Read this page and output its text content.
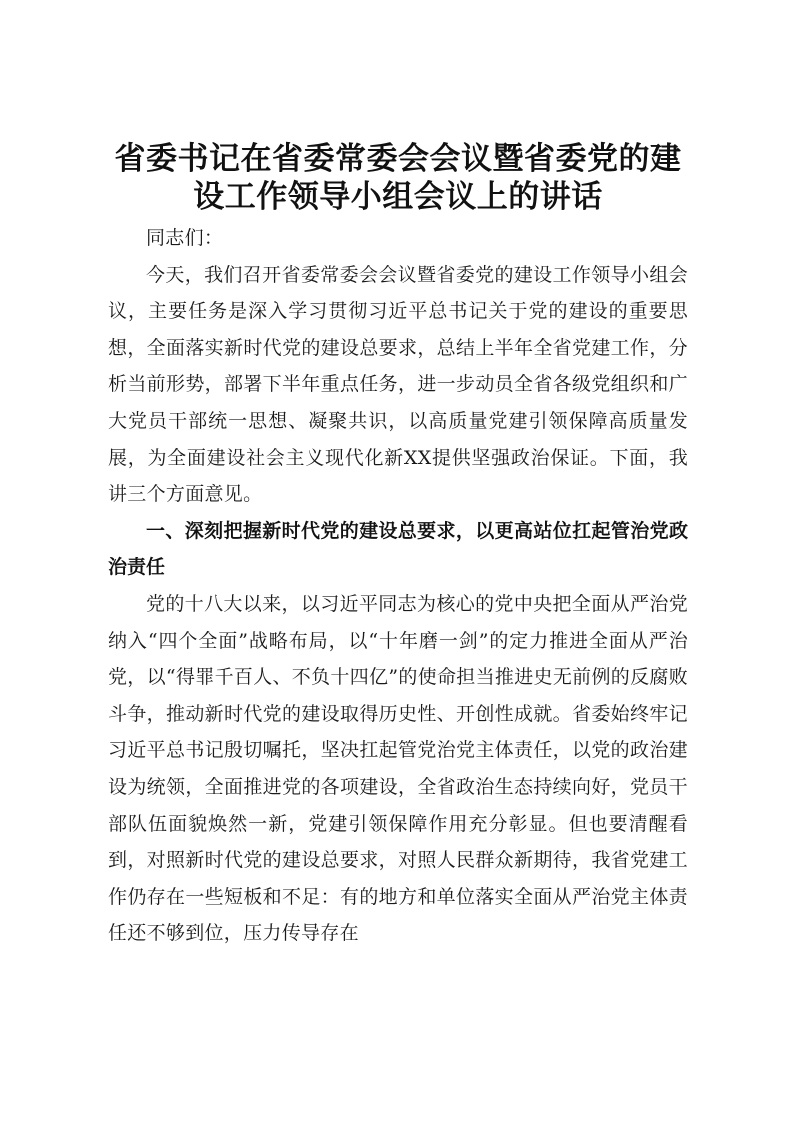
省委书记在省委常委会会议暨省委党的建设工作领导小组会议上的讲话

同志们：

今天，我们召开省委常委会会议暨省委党的建设工作领导小组会议，主要任务是深入学习贯彻习近平总书记关于党的建设的重要思想，全面落实新时代党的建设总要求，总结上半年全省党建工作，分析当前形势，部署下半年重点任务，进一步动员全省各级党组织和广大党员干部统一思想、凝聚共识，以高质量党建引领保障高质量发展，为全面建设社会主义现代化新XX提供坚强政治保证。下面，我讲三个方面意见。

一、深刻把握新时代党的建设总要求，以更高站位扛起管治党政治责任

党的十八大以来，以习近平同志为核心的党中央把全面从严治党纳入“四个全面”战略布局，以“十年磨一剑”的定力推进全面从严治党，以“得罪千百人、不负十四亿”的使命担当推进史无前例的反腐败斗争，推动新时代党的建设取得历史性、开创性成就。省委始终牢记习近平总书记殷切嘱托，坚决扛起管党治党主体责任，以党的政治建设为统领，全面推进党的各项建设，全省政治生态持续向好，党员干部队伍面貌焕然一新，党建引领保障作用充分彰显。但也要清醒看到，对照新时代党的建设总要求，对照人民群众新期待，我省党建工作仍存在一些短板和不足：有的地方和单位落实全面从严治党主体责任还不够到位，压力传导存在
